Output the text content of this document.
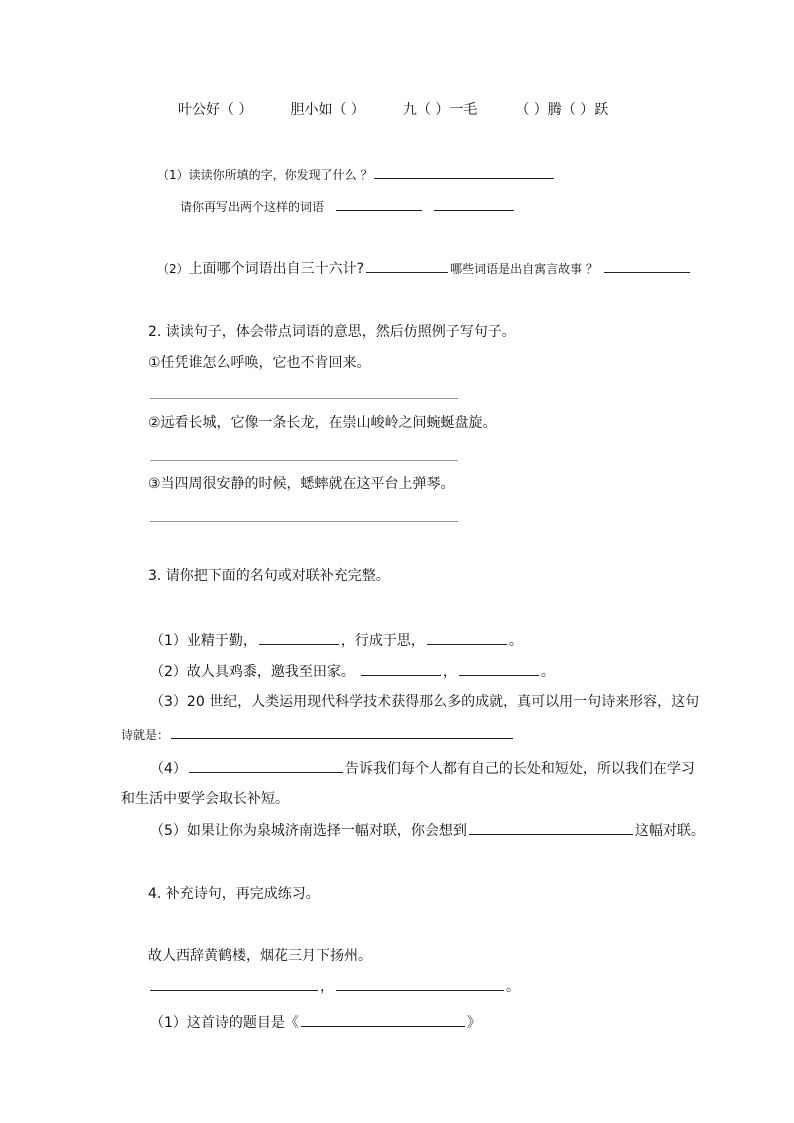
叶公好（ ）	胆小如（ ）	九（ ）一毛	（ ）腾（ ）跃
（1）读读你所填的字，你发现了什么 ？
请你再写出两个这样的词语
（2）上面哪个词语出自三十六计?	哪些词语是出自寓言故事 ？
2. 读读句子，体会带点词语的意思，然后仿照例子写句子。
①任凭谁怎么呼唤，它也不肯回来。
②远看长城，它像一条长龙，在崇山峻岭之间蜿蜒盘旋。
③当四周很安静的时候，蟋蟀就在这平台上弹琴。
3. 请你把下面的名句或对联补充完整。
（1）业精于勤，	，行成于思，	。
（2）故人具鸡黍，邀我至田家。	，	。
（3）20 世纪，人类运用现代科学技术获得那么多的成就，真可以用一句诗来形容，这句
诗就是：
（4）	告诉我们每个人都有自己的长处和短处，所以我们在学习
和生活中要学会取长补短。
（5）如果让你为泉城济南选择一幅对联，你会想到	这幅对联。
4. 补充诗句，再完成练习。
故人西辞黄鹤楼，烟花三月下扬州。
，	。
（1）这首诗的题目是《	》
